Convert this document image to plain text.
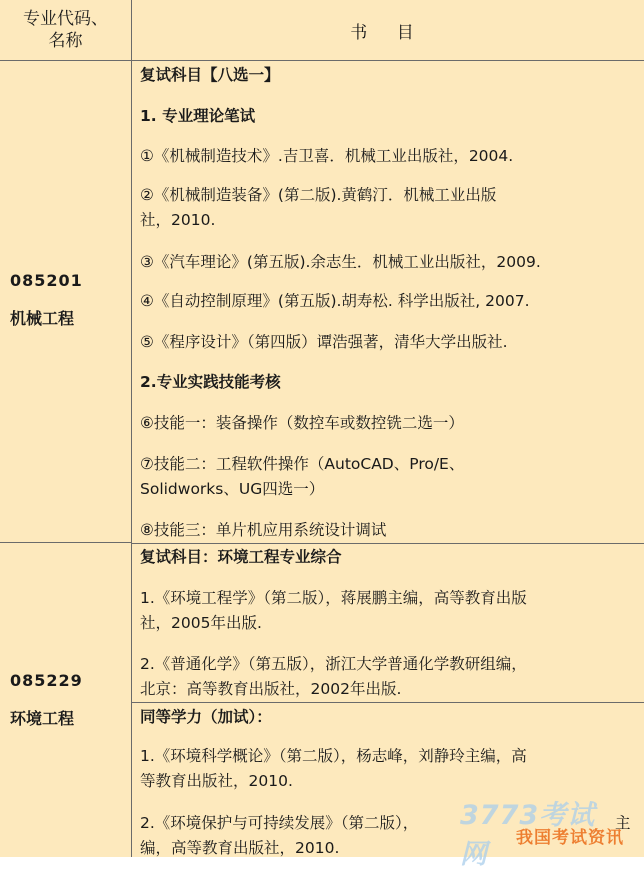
专业代码、
名称	书 目
085201
机械工程
复试科目【八选一】
1. 专业理论笔试
①《机械制造技术》.吉卫喜．机械工业出版社，2004.
②《机械制造装备》(第二版).黄鹤汀．机械工业出版
社，2010.
③《汽车理论》(第五版).余志生．机械工业出版社，2009.
④《自动控制原理》(第五版).胡寿松. 科学出版社, 2007.
⑤《程序设计》（第四版）谭浩强著，清华大学出版社.
2.专业实践技能考核
⑥技能一：装备操作（数控车或数控铣二选一）
⑦技能二：工程软件操作（AutoCAD、Pro/E、
Solidworks、UG四选一）
⑧技能三：单片机应用系统设计调试
085229
环境工程
复试科目：环境工程专业综合
1.《环境工程学》（第二版），蒋展鹏主编，高等教育出版
社，2005年出版.
2.《普通化学》（第五版），浙江大学普通化学教研组编，
北京：高等教育出版社，2002年出版.
同等学力（加试）：
1.《环境科学概论》（第二版），杨志峰，刘静玲主编，高
等教育出版社，2010.
2.《环境保护与可持续发展》（第二版），	主
编，高等教育出版社，2010.
3773考试网
我国考试资讯
